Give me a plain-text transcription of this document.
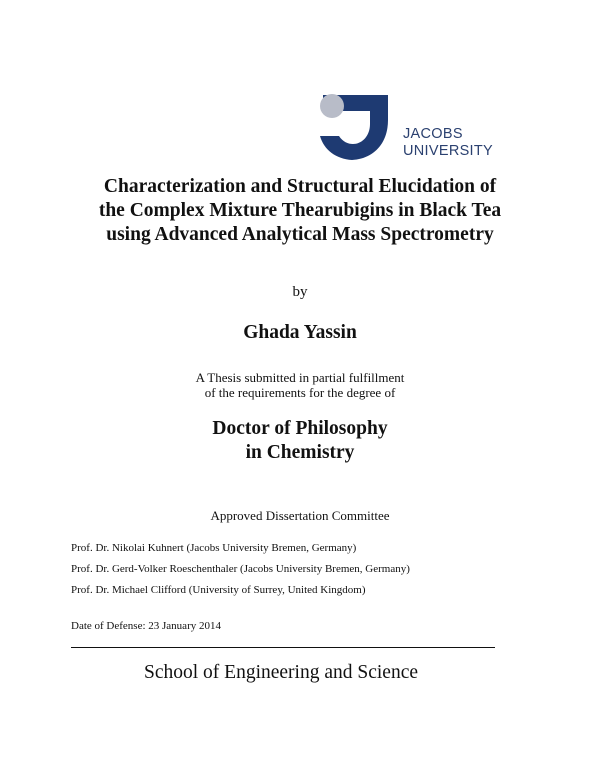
JACOBS
UNIVERSITY
Characterization and Structural Elucidation of
the Complex Mixture Thearubigins in Black Tea
using Advanced Analytical Mass Spectrometry
by
Ghada Yassin
A Thesis submitted in partial fulfillment
of the requirements for the degree of
Doctor of Philosophy
in Chemistry
Approved Dissertation Committee
Prof. Dr. Nikolai Kuhnert (Jacobs University Bremen, Germany)
Prof. Dr. Gerd-Volker Roeschenthaler (Jacobs University Bremen, Germany)
Prof. Dr. Michael Clifford (University of Surrey, United Kingdom)
Date of Defense: 23 January 2014
School of Engineering and Science
